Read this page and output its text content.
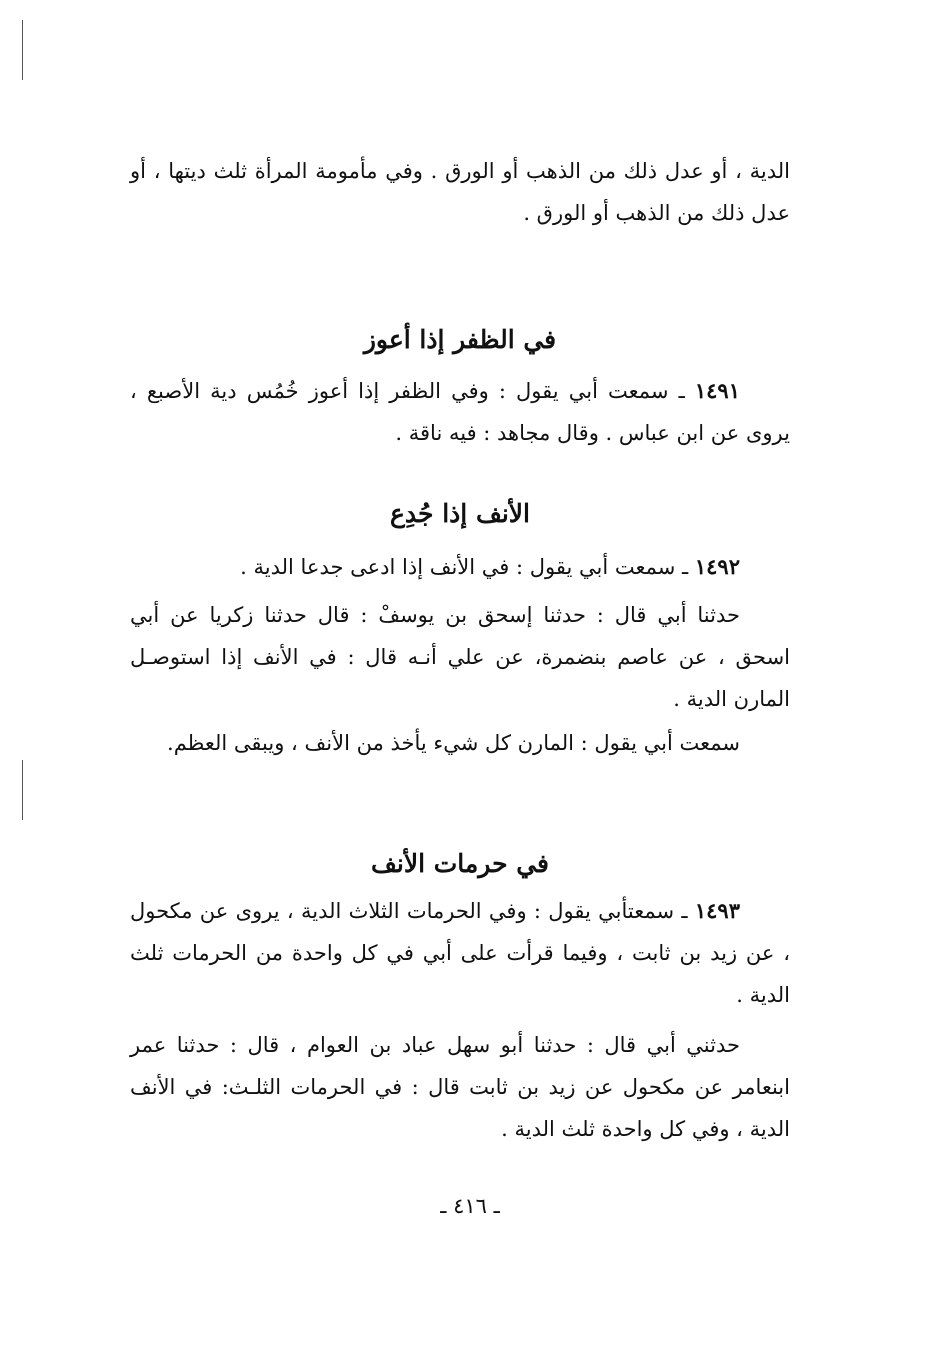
الدية ، أو عدل ذلك من الذهب أو الورق . وفي مأمومة المرأة ثلث ديتها ، أو عدل ذلك من الذهب أو الورق .

في الظفر إذا أعوز

١٤٩١ ـ سمعت أبي يقول : وفي الظفر إذا أعوز خُمُس دية الأصبع ، يروى عن ابن عباس . وقال مجاهد : فيه ناقة .

الأنف إذا جُدِع

١٤٩٢ ـ سمعت أبي يقول : في الأنف إذا ادعى جدعا الدية .

حدثنا أبي قال : حدثنا إسحق بن يوسفْ : قال حدثنا زكريا عن أبي اسحق ، عن عاصم بنضمرة، عن علي أنـه قال : في الأنف إذا استوصـل المارن الدية .

سمعت أبي يقول : المارن كل شيء يأخذ من الأنف ، ويبقى العظم.

في حرمات الأنف

١٤٩٣ ـ سمعتأبي يقول : وفي الحرمات الثلاث الدية ، يروى عن مكحول ، عن زيد بن ثابت ، وفيما قرأت على أبي في كل واحدة من الحرمات ثلث الدية .

حدثني أبي قال : حدثنا أبو سهل عباد بن العوام ، قال : حدثنا عمر ابنعامر عن مكحول عن زيد بن ثابت قال : في الحرمات الثلـث: في الأنف الدية ، وفي كل واحدة ثلث الدية .

ـ ٤١٦ ـ
